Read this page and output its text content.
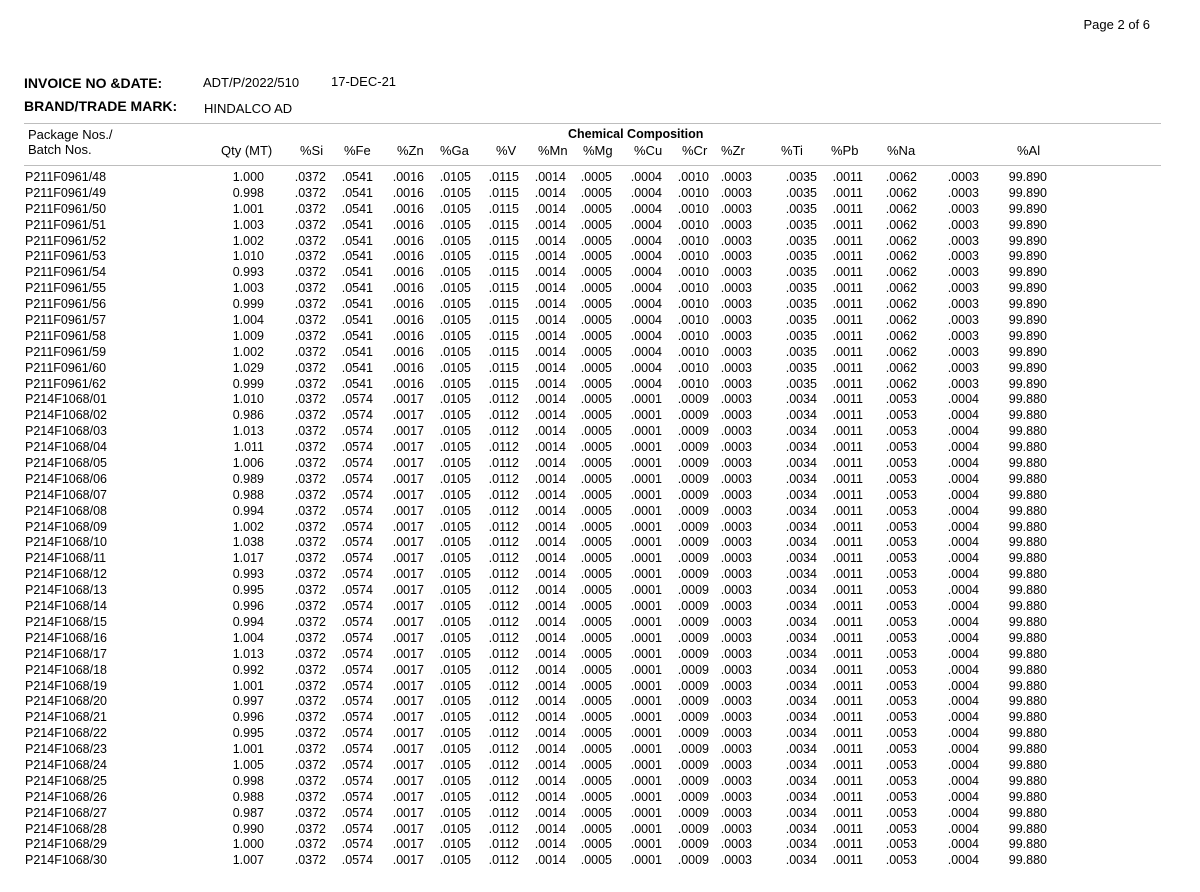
Page 2 of 6
INVOICE NO &DATE:	ADT/P/2022/510 17-DEC-21
BRAND/TRADE MARK: HINDALCO AD
Package Nos./
Batch Nos.
Chemical Composition
Qty (MT) %Si %Fe %Zn %Ga %V %Mn %Mg %Cu %Cr %Zr	%Ti %Pb %Na	%Al
P211F0961/48	1.000 .0372 .0541 .0016 .0105 .0115 .0014 .0005 .0004 .0010 .0003	.0035 .0011 .0062 .0003 99.890
P211F0961/49	0.998 .0372 .0541 .0016 .0105 .0115 .0014 .0005 .0004 .0010 .0003	.0035 .0011 .0062 .0003 99.890
P211F0961/50	1.001 .0372 .0541 .0016 .0105 .0115 .0014 .0005 .0004 .0010 .0003	.0035 .0011 .0062 .0003 99.890
P211F0961/51	1.003 .0372 .0541 .0016 .0105 .0115 .0014 .0005 .0004 .0010 .0003	.0035 .0011 .0062 .0003 99.890
P211F0961/52	1.002 .0372 .0541 .0016 .0105 .0115 .0014 .0005 .0004 .0010 .0003	.0035 .0011 .0062 .0003 99.890
P211F0961/53	1.010 .0372 .0541 .0016 .0105 .0115 .0014 .0005 .0004 .0010 .0003	.0035 .0011 .0062 .0003 99.890
P211F0961/54	0.993 .0372 .0541 .0016 .0105 .0115 .0014 .0005 .0004 .0010 .0003	.0035 .0011 .0062 .0003 99.890
P211F0961/55	1.003 .0372 .0541 .0016 .0105 .0115 .0014 .0005 .0004 .0010 .0003	.0035 .0011 .0062 .0003 99.890
P211F0961/56	0.999 .0372 .0541 .0016 .0105 .0115 .0014 .0005 .0004 .0010 .0003	.0035 .0011 .0062 .0003 99.890
P211F0961/57	1.004 .0372 .0541 .0016 .0105 .0115 .0014 .0005 .0004 .0010 .0003	.0035 .0011 .0062 .0003 99.890
P211F0961/58	1.009 .0372 .0541 .0016 .0105 .0115 .0014 .0005 .0004 .0010 .0003	.0035 .0011 .0062 .0003 99.890
P211F0961/59	1.002 .0372 .0541 .0016 .0105 .0115 .0014 .0005 .0004 .0010 .0003	.0035 .0011 .0062 .0003 99.890
P211F0961/60	1.029 .0372 .0541 .0016 .0105 .0115 .0014 .0005 .0004 .0010 .0003	.0035 .0011 .0062 .0003 99.890
P211F0961/62	0.999 .0372 .0541 .0016 .0105 .0115 .0014 .0005 .0004 .0010 .0003	.0035 .0011 .0062 .0003 99.890
P214F1068/01	1.010 .0372 .0574 .0017 .0105 .0112 .0014 .0005 .0001 .0009 .0003	.0034 .0011 .0053 .0004 99.880
P214F1068/02	0.986 .0372 .0574 .0017 .0105 .0112 .0014 .0005 .0001 .0009 .0003	.0034 .0011 .0053 .0004 99.880
P214F1068/03	1.013 .0372 .0574 .0017 .0105 .0112 .0014 .0005 .0001 .0009 .0003	.0034 .0011 .0053 .0004 99.880
P214F1068/04	1.011 .0372 .0574 .0017 .0105 .0112 .0014 .0005 .0001 .0009 .0003	.0034 .0011 .0053 .0004 99.880
P214F1068/05	1.006 .0372 .0574 .0017 .0105 .0112 .0014 .0005 .0001 .0009 .0003	.0034 .0011 .0053 .0004 99.880
P214F1068/06	0.989 .0372 .0574 .0017 .0105 .0112 .0014 .0005 .0001 .0009 .0003	.0034 .0011 .0053 .0004 99.880
P214F1068/07	0.988 .0372 .0574 .0017 .0105 .0112 .0014 .0005 .0001 .0009 .0003	.0034 .0011 .0053 .0004 99.880
P214F1068/08	0.994 .0372 .0574 .0017 .0105 .0112 .0014 .0005 .0001 .0009 .0003	.0034 .0011 .0053 .0004 99.880
P214F1068/09	1.002 .0372 .0574 .0017 .0105 .0112 .0014 .0005 .0001 .0009 .0003	.0034 .0011 .0053 .0004 99.880
P214F1068/10	1.038 .0372 .0574 .0017 .0105 .0112 .0014 .0005 .0001 .0009 .0003	.0034 .0011 .0053 .0004 99.880
P214F1068/11	1.017 .0372 .0574 .0017 .0105 .0112 .0014 .0005 .0001 .0009 .0003	.0034 .0011 .0053 .0004 99.880
P214F1068/12	0.993 .0372 .0574 .0017 .0105 .0112 .0014 .0005 .0001 .0009 .0003	.0034 .0011 .0053 .0004 99.880
P214F1068/13	0.995 .0372 .0574 .0017 .0105 .0112 .0014 .0005 .0001 .0009 .0003	.0034 .0011 .0053 .0004 99.880
P214F1068/14	0.996 .0372 .0574 .0017 .0105 .0112 .0014 .0005 .0001 .0009 .0003	.0034 .0011 .0053 .0004 99.880
P214F1068/15	0.994 .0372 .0574 .0017 .0105 .0112 .0014 .0005 .0001 .0009 .0003	.0034 .0011 .0053 .0004 99.880
P214F1068/16	1.004 .0372 .0574 .0017 .0105 .0112 .0014 .0005 .0001 .0009 .0003	.0034 .0011 .0053 .0004 99.880
P214F1068/17	1.013 .0372 .0574 .0017 .0105 .0112 .0014 .0005 .0001 .0009 .0003	.0034 .0011 .0053 .0004 99.880
P214F1068/18	0.992 .0372 .0574 .0017 .0105 .0112 .0014 .0005 .0001 .0009 .0003	.0034 .0011 .0053 .0004 99.880
P214F1068/19	1.001 .0372 .0574 .0017 .0105 .0112 .0014 .0005 .0001 .0009 .0003	.0034 .0011 .0053 .0004 99.880
P214F1068/20	0.997 .0372 .0574 .0017 .0105 .0112 .0014 .0005 .0001 .0009 .0003	.0034 .0011 .0053 .0004 99.880
P214F1068/21	0.996 .0372 .0574 .0017 .0105 .0112 .0014 .0005 .0001 .0009 .0003	.0034 .0011 .0053 .0004 99.880
P214F1068/22	0.995 .0372 .0574 .0017 .0105 .0112 .0014 .0005 .0001 .0009 .0003	.0034 .0011 .0053 .0004 99.880
P214F1068/23	1.001 .0372 .0574 .0017 .0105 .0112 .0014 .0005 .0001 .0009 .0003	.0034 .0011 .0053 .0004 99.880
P214F1068/24	1.005 .0372 .0574 .0017 .0105 .0112 .0014 .0005 .0001 .0009 .0003	.0034 .0011 .0053 .0004 99.880
P214F1068/25	0.998 .0372 .0574 .0017 .0105 .0112 .0014 .0005 .0001 .0009 .0003	.0034 .0011 .0053 .0004 99.880
P214F1068/26	0.988 .0372 .0574 .0017 .0105 .0112 .0014 .0005 .0001 .0009 .0003	.0034 .0011 .0053 .0004 99.880
P214F1068/27	0.987 .0372 .0574 .0017 .0105 .0112 .0014 .0005 .0001 .0009 .0003	.0034 .0011 .0053 .0004 99.880
P214F1068/28	0.990 .0372 .0574 .0017 .0105 .0112 .0014 .0005 .0001 .0009 .0003	.0034 .0011 .0053 .0004 99.880
P214F1068/29	1.000 .0372 .0574 .0017 .0105 .0112 .0014 .0005 .0001 .0009 .0003	.0034 .0011 .0053 .0004 99.880
P214F1068/30	1.007 .0372 .0574 .0017 .0105 .0112 .0014 .0005 .0001 .0009 .0003	.0034 .0011 .0053 .0004 99.880
